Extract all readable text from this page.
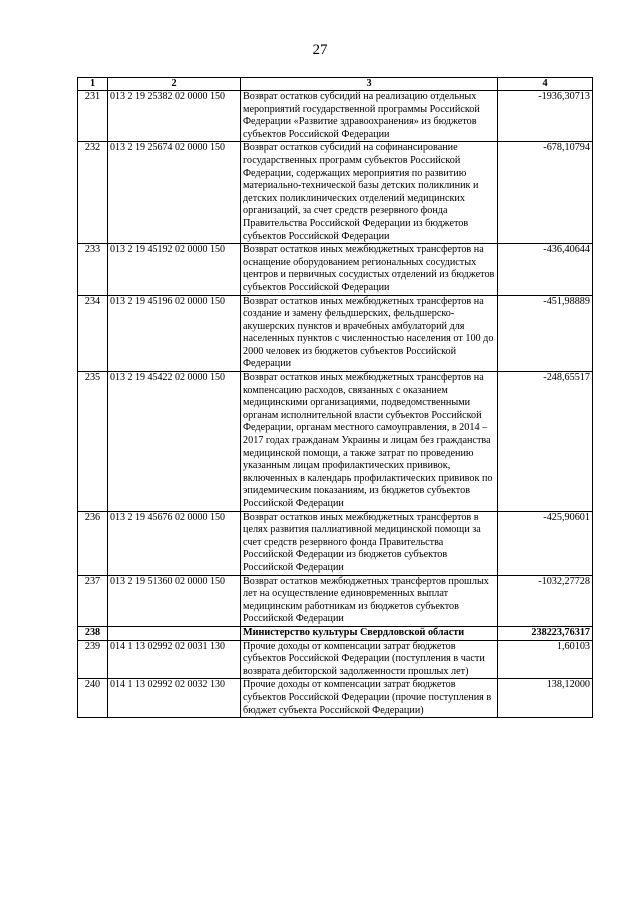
27
1	2	3	4
231	013 2 19 25382 02 0000 150	Возврат остатков субсидий на реализацию отдельных мероприятий государственной программы Российской Федерации «Развитие здравоохранения» из бюджетов субъектов Российской Федерации	-1936,30713
232	013 2 19 25674 02 0000 150	Возврат остатков субсидий на софинансирование государственных программ субъектов Российской Федерации, содержащих мероприятия по развитию материально-технической базы детских поликлиник и детских поликлинических отделений медицинских организаций, за счет средств резервного фонда Правительства Российской Федерации из бюджетов субъектов Российской Федерации	-678,10794
233	013 2 19 45192 02 0000 150	Возврат остатков иных межбюджетных трансфертов на оснащение оборудованием региональных сосудистых центров и первичных сосудистых отделений из бюджетов субъектов Российской Федерации	-436,40644
234	013 2 19 45196 02 0000 150	Возврат остатков иных межбюджетных трансфертов на создание и замену фельдшерских, фельдшерско-акушерских пунктов и врачебных амбулаторий для населенных пунктов с численностью населения от 100 до 2000 человек из бюджетов субъектов Российской Федерации	-451,98889
235	013 2 19 45422 02 0000 150	Возврат остатков иных межбюджетных трансфертов на компенсацию расходов, связанных с оказанием медицинскими организациями, подведомственными органам исполнительной власти субъектов Российской Федерации, органам местного самоуправления, в 2014 – 2017 годах гражданам Украины и лицам без гражданства медицинской помощи, а также затрат по проведению указанным лицам профилактических прививок, включенных в календарь профилактических прививок по эпидемическим показаниям, из бюджетов субъектов Российской Федерации	-248,65517
236	013 2 19 45676 02 0000 150	Возврат остатков иных межбюджетных трансфертов в целях развития паллиативной медицинской помощи за счет средств резервного фонда Правительства Российской Федерации из бюджетов субъектов Российской Федерации	-425,90601
237	013 2 19 51360 02 0000 150	Возврат остатков межбюджетных трансфертов прошлых лет на осуществление единовременных выплат медицинским работникам из бюджетов субъектов Российской Федерации	-1032,27728
238		Министерство культуры Свердловской области	238223,76317
239	014 1 13 02992 02 0031 130	Прочие доходы от компенсации затрат бюджетов субъектов Российской Федерации (поступления в части возврата дебиторской задолженности прошлых лет)	1,60103
240	014 1 13 02992 02 0032 130	Прочие доходы от компенсации затрат бюджетов субъектов Российской Федерации (прочие поступления в бюджет субъекта Российской Федерации)	138,12000
